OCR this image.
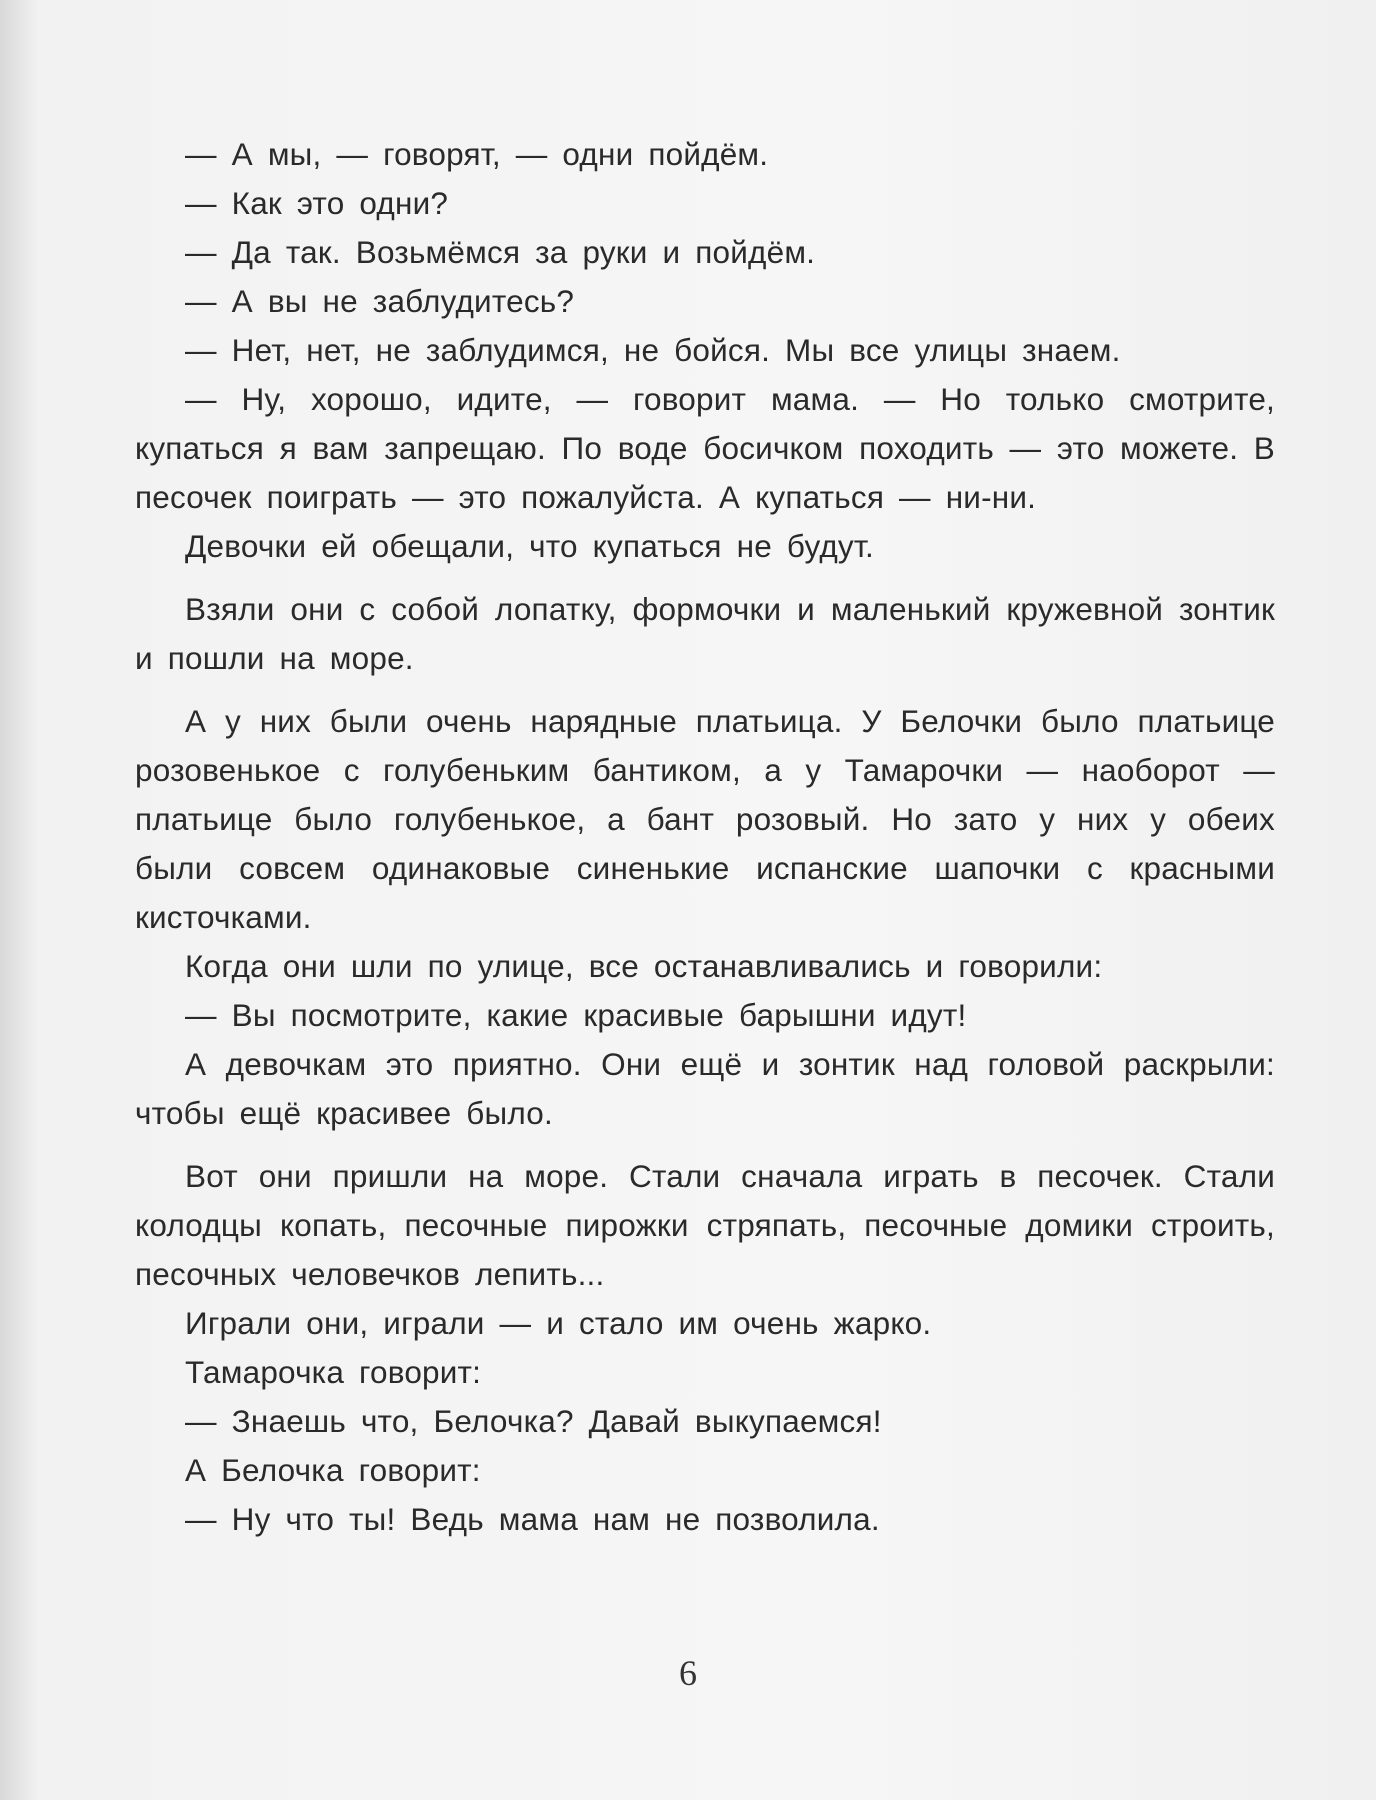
— А мы, — говорят, — одни пойдём.

— Как это одни?

— Да так. Возьмёмся за руки и пойдём.

— А вы не заблудитесь?

— Нет, нет, не заблудимся, не бойся. Мы все улицы знаем.

— Ну, хорошо, идите, — говорит мама. — Но только смотрите, купаться я вам запрещаю. По воде босичком походить — это можете. В песочек поиграть — это пожалуйста. А купаться — ни-ни.

Девочки ей обещали, что купаться не будут.

Взяли они с собой лопатку, формочки и маленький кружевной зонтик и пошли на море.

А у них были очень нарядные платьица. У Белочки было платьице розовенькое с голубеньким бантиком, а у Тамарочки — наоборот — платьице было голубенькое, а бант розовый. Но зато у них у обеих были совсем одинаковые синенькие испанские шапочки с красными кисточками.

Когда они шли по улице, все останавливались и говорили:

— Вы посмотрите, какие красивые барышни идут!

А девочкам это приятно. Они ещё и зонтик над головой раскрыли: чтобы ещё красивее было.

Вот они пришли на море. Стали сначала играть в песочек. Стали колодцы копать, песочные пирожки стряпать, песочные домики строить, песочных человечков лепить...

Играли они, играли — и стало им очень жарко.

Тамарочка говорит:

— Знаешь что, Белочка? Давай выкупаемся!

А Белочка говорит:

— Ну что ты! Ведь мама нам не позволила.

6
